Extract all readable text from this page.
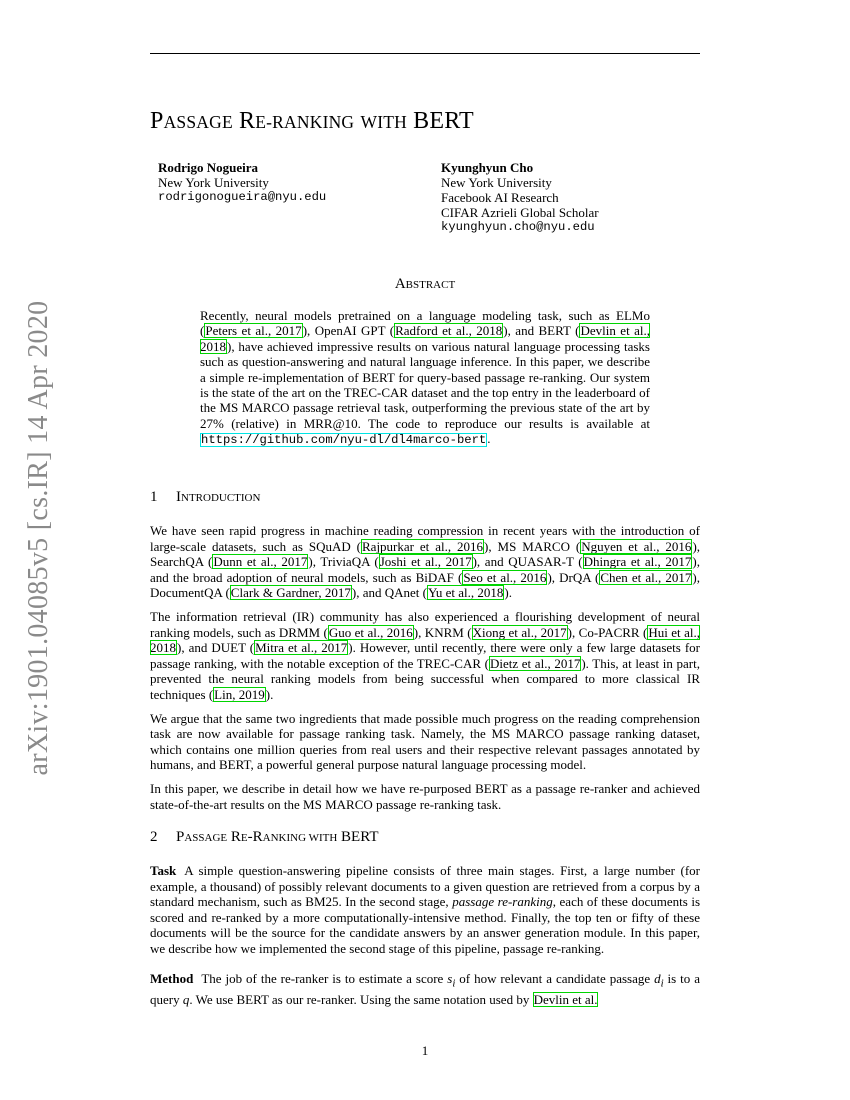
arXiv:1901.04085v5 [cs.IR] 14 Apr 2020
PASSAGE RE-RANKING WITH BERT
Rodrigo Nogueira
New York University
rodrigonogueira@nyu.edu
Kyunghyun Cho
New York University
Facebook AI Research
CIFAR Azrieli Global Scholar
kyunghyun.cho@nyu.edu
ABSTRACT
Recently, neural models pretrained on a language modeling task, such as ELMo (Peters et al., 2017), OpenAI GPT (Radford et al., 2018), and BERT (Devlin et al., 2018), have achieved impressive results on various natural language processing tasks such as question-answering and natural language inference. In this paper, we describe a simple re-implementation of BERT for query-based passage re-ranking. Our system is the state of the art on the TREC-CAR dataset and the top entry in the leaderboard of the MS MARCO passage retrieval task, outperforming the previous state of the art by 27% (relative) in MRR@10. The code to reproduce our results is available at https://github.com/nyu-dl/dl4marco-bert.
1 INTRODUCTION

We have seen rapid progress in machine reading compression in recent years with the introduction of large-scale datasets, such as SQuAD (Rajpurkar et al., 2016), MS MARCO (Nguyen et al., 2016), SearchQA (Dunn et al., 2017), TriviaQA (Joshi et al., 2017), and QUASAR-T (Dhingra et al., 2017), and the broad adoption of neural models, such as BiDAF (Seo et al., 2016), DrQA (Chen et al., 2017), DocumentQA (Clark & Gardner, 2017), and QAnet (Yu et al., 2018).

The information retrieval (IR) community has also experienced a flourishing development of neural ranking models, such as DRMM (Guo et al., 2016), KNRM (Xiong et al., 2017), Co-PACRR (Hui et al., 2018), and DUET (Mitra et al., 2017). However, until recently, there were only a few large datasets for passage ranking, with the notable exception of the TREC-CAR (Dietz et al., 2017). This, at least in part, prevented the neural ranking models from being successful when compared to more classical IR techniques (Lin, 2019).

We argue that the same two ingredients that made possible much progress on the reading comprehension task are now available for passage ranking task. Namely, the MS MARCO passage ranking dataset, which contains one million queries from real users and their respective relevant passages annotated by humans, and BERT, a powerful general purpose natural language processing model.

In this paper, we describe in detail how we have re-purposed BERT as a passage re-ranker and achieved state-of-the-art results on the MS MARCO passage re-ranking task.

2 PASSAGE RE-RANKING WITH BERT

Task A simple question-answering pipeline consists of three main stages. First, a large number (for example, a thousand) of possibly relevant documents to a given question are retrieved from a corpus by a standard mechanism, such as BM25. In the second stage, passage re-ranking, each of these documents is scored and re-ranked by a more computationally-intensive method. Finally, the top ten or fifty of these documents will be the source for the candidate answers by an answer generation module. In this paper, we describe how we implemented the second stage of this pipeline, passage re-ranking.

Method The job of the re-ranker is to estimate a score $s_i$ of how relevant a candidate passage $d_i$ is to a query q. We use BERT as our re-ranker. Using the same notation used by Devlin et al.

1
